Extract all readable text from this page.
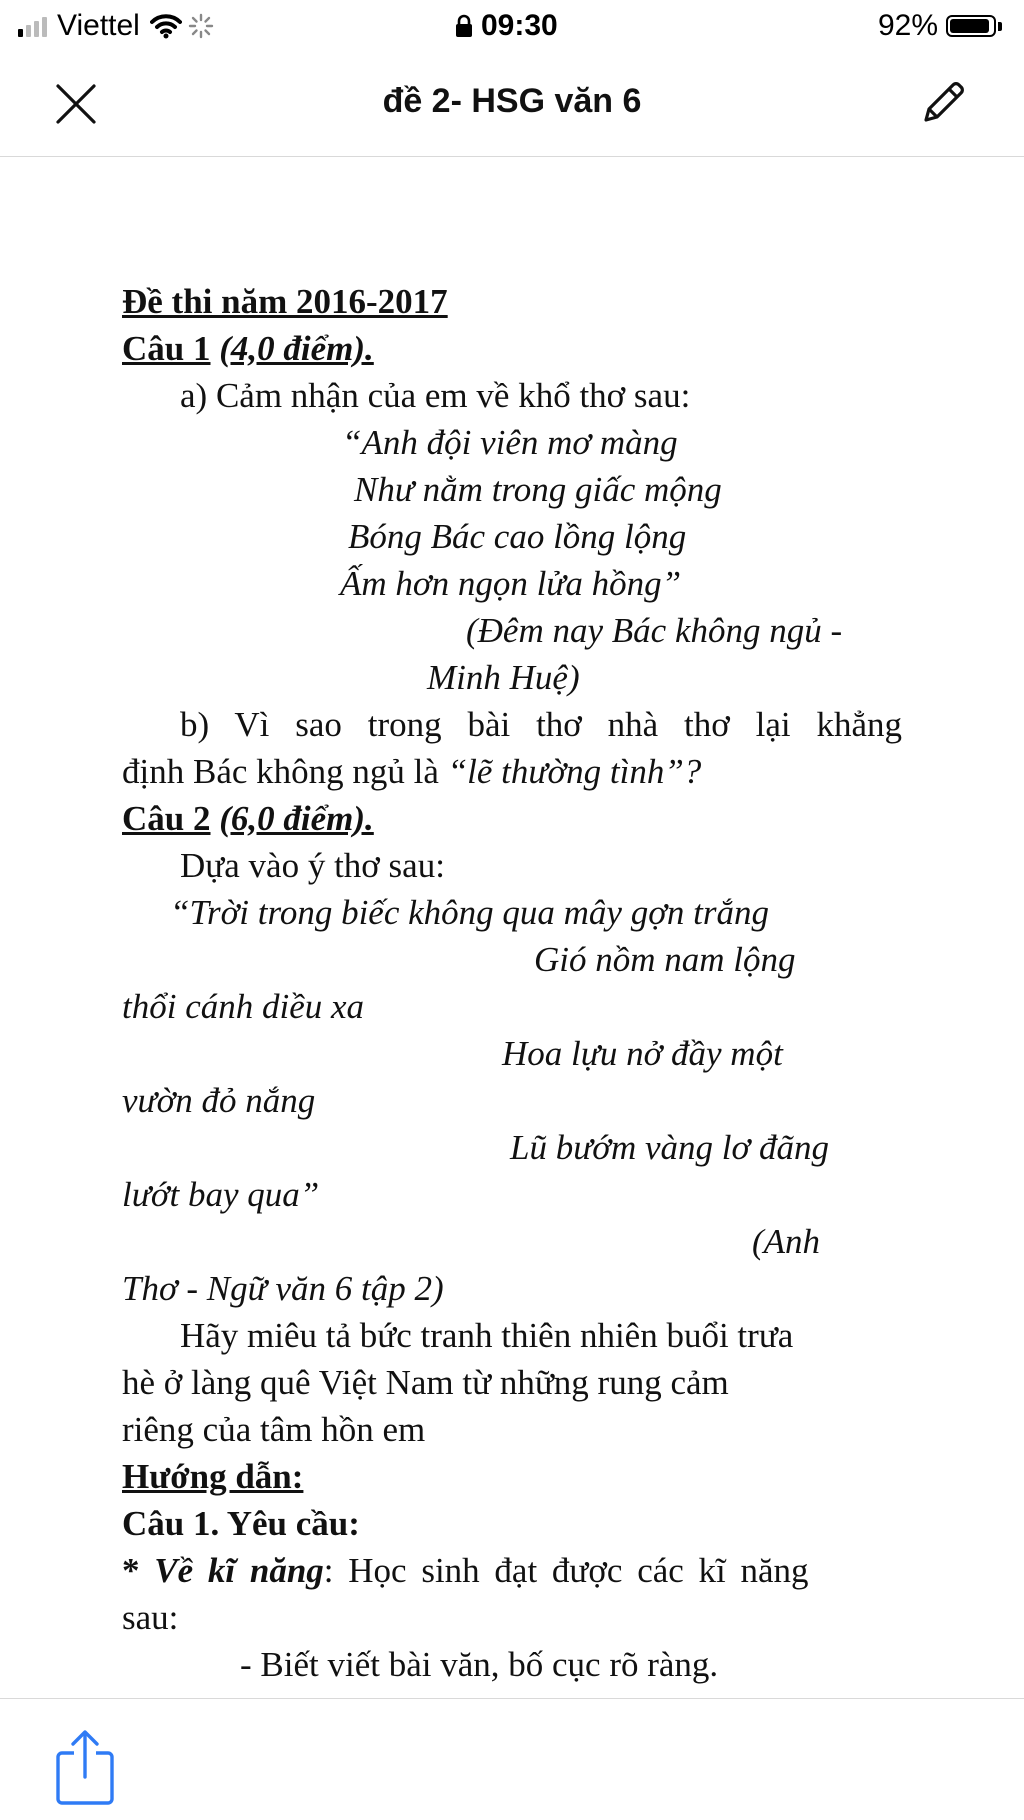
Viettel	09:30	92%
đề 2- HSG văn 6
Đề thi năm 2016-2017
Câu 1 (4,0 điểm).
a) Cảm nhận của em về khổ thơ sau:
“Anh đội viên mơ màng
Như nằm trong giấc mộng
Bóng Bác cao lồng lộng
Ấm hơn ngọn lửa hồng”
(Đêm nay Bác không ngủ -
Minh Huệ)
b) Vì sao trong bài thơ nhà thơ lại khẳng
định Bác không ngủ là “lẽ thường tình”?
Câu 2 (6,0 điểm).
Dựa vào ý thơ sau:
“Trời trong biếc không qua mây gợn trắng
Gió nồm nam lộng
thổi cánh diều xa
Hoa lựu nở đầy một
vườn đỏ nắng
Lũ bướm vàng lơ đãng
lướt bay qua”
(Anh
Thơ - Ngữ văn 6 tập 2)
Hãy miêu tả bức tranh thiên nhiên buổi trưa
hè ở làng quê Việt Nam từ những rung cảm
riêng của tâm hồn em
Hướng dẫn:
Câu 1. Yêu cầu:
* Về kĩ năng: Học sinh đạt được các kĩ năng
sau:
- Biết viết bài văn, bố cục rõ ràng.
